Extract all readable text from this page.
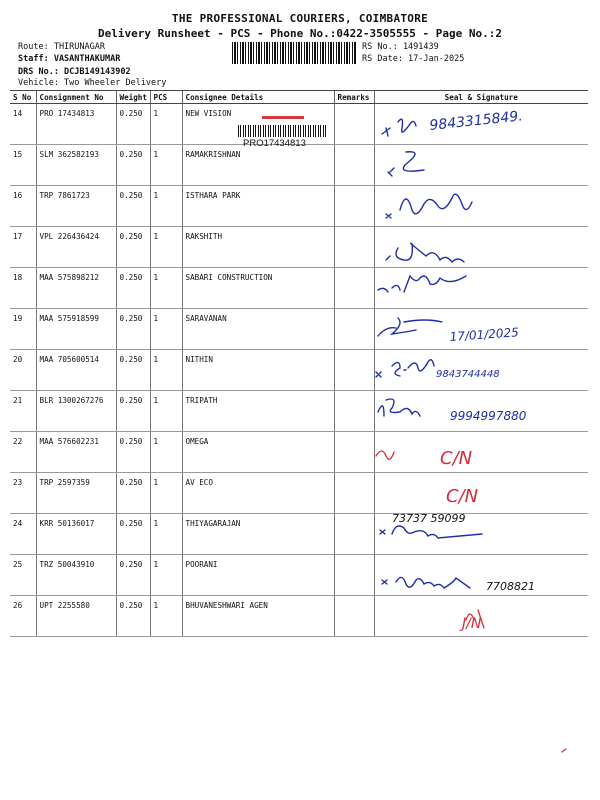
THE PROFESSIONAL COURIERS, COIMBATORE
Delivery Runsheet - PCS - Phone No.:0422-3505555 - Page No.:2
Route: THIRUNAGAR
Staff: VASANTHAKUMAR
DRS No.: DCJB149143902
Vehicle: Two Wheeler Delivery
RS No.: 1491439
RS Date: 17-Jan-2025
S No	Consignment No	Weight	PCS	Consignee Details	Remarks	Seal & Signature
14	PRO 17434813	0.250	1	NEW VISION		
15	SLM 362582193	0.250	1	RAMAKRISHNAN		
16	TRP 7861723	0.250	1	ISTHARA PARK		
17	VPL 226436424	0.250	1	RAKSHITH		
18	MAA 575898212	0.250	1	SABARI CONSTRUCTION		
19	MAA 575918599	0.250	1	SARAVANAN		
20	MAA 705600514	0.250	1	NITHIN		
21	BLR 1300267276	0.250	1	TRIPATH		
22	MAA 576602231	0.250	1	OMEGA		
23	TRP 2597359	0.250	1	AV ECO		
24	KRR 50136017	0.250	1	THIYAGARAJAN		
25	TRZ 50043910	0.250	1	POORANI		
26	UPT 2255580	0.250	1	BHUVANESHWARI AGEN		
PRO17434813
9843315849.
17/01/2025
9843744448
9994997880
C/N
C/N
73737 59099
7708821
J/N
